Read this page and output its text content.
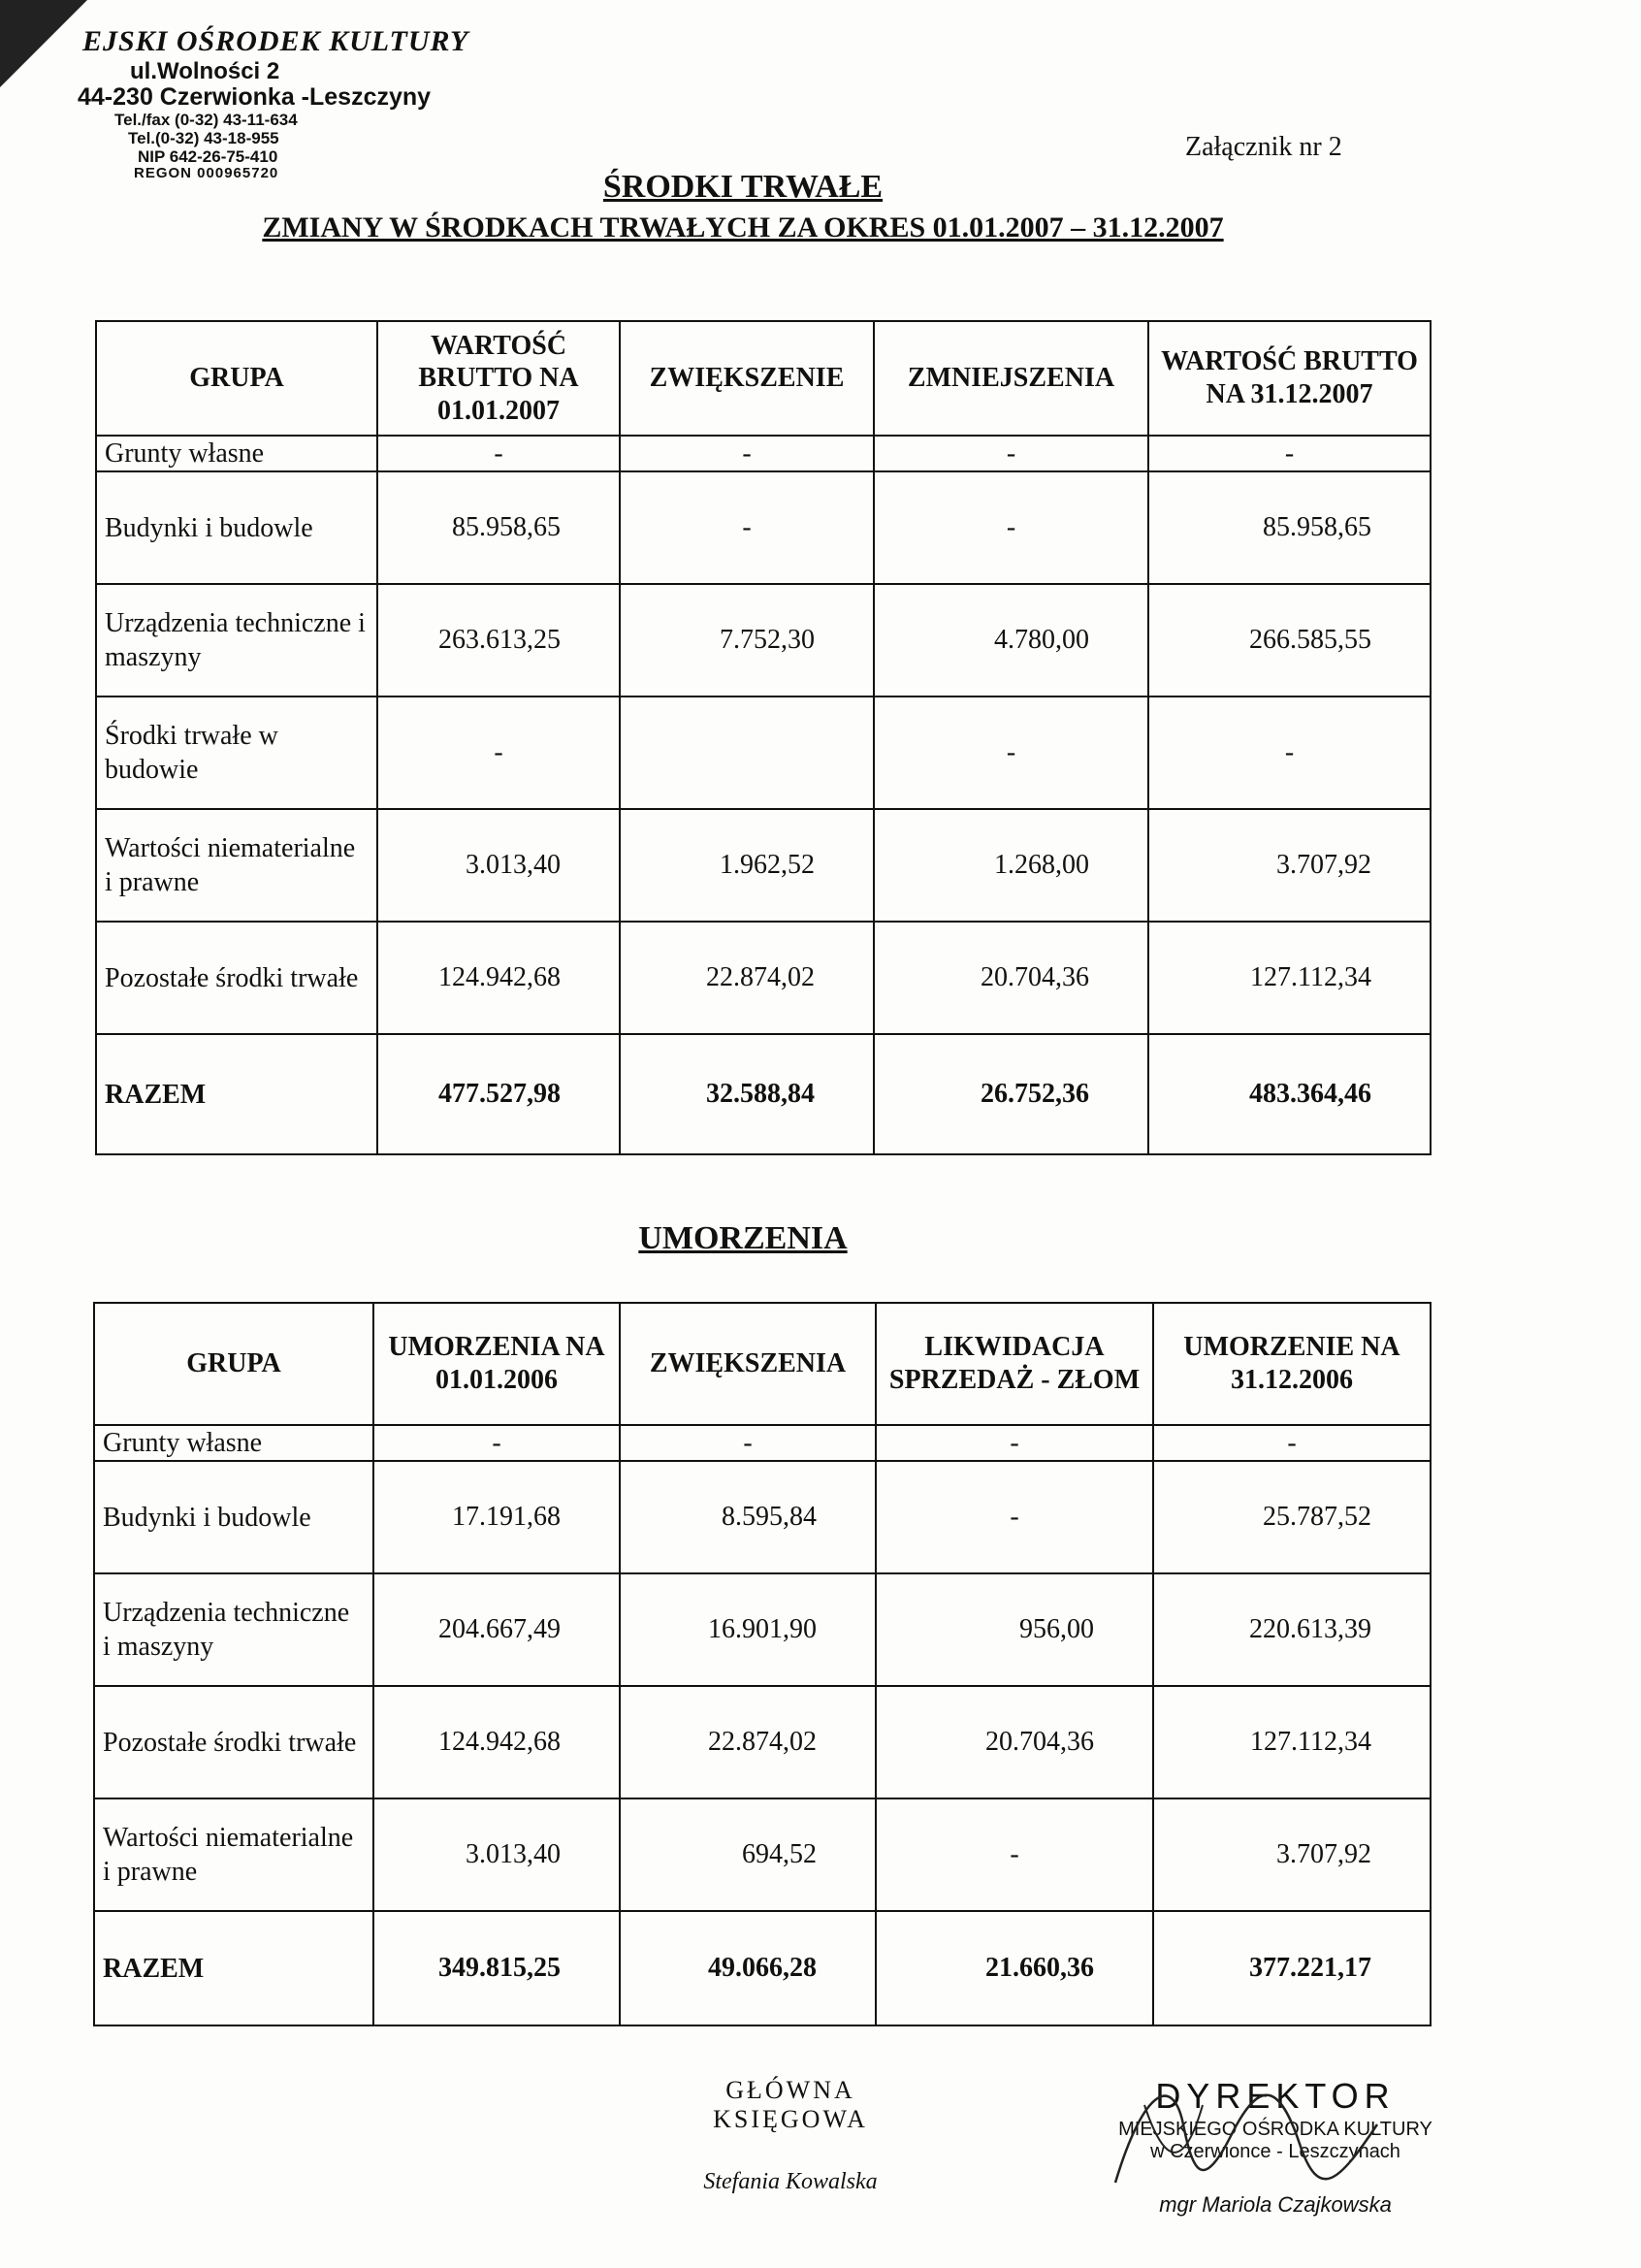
EJSKI OŚRODEK KULTURY
ul.Wolności 2
44-230 Czerwionka -Leszczyny
Tel./fax (0-32) 43-11-634
Tel.(0-32) 43-18-955
NIP 642-26-75-410
REGON 000965720
Załącznik nr 2
ŚRODKI TRWAŁE
ZMIANY W ŚRODKACH TRWAŁYCH ZA OKRES 01.01.2007 – 31.12.2007
GRUPA	WARTOŚĆ BRUTTO NA 01.01.2007	ZWIĘKSZENIE	ZMNIEJSZENIA	WARTOŚĆ BRUTTO NA 31.12.2007
Grunty własne	-	-	-	-
Budynki i budowle	85.958,65	-	-	85.958,65
Urządzenia techniczne i maszyny	263.613,25	7.752,30	4.780,00	266.585,55
Środki trwałe w budowie	-		-	-
Wartości niematerialne i prawne	3.013,40	1.962,52	1.268,00	3.707,92
Pozostałe środki trwałe	124.942,68	22.874,02	20.704,36	127.112,34
RAZEM	477.527,98	32.588,84	26.752,36	483.364,46
UMORZENIA
GRUPA	UMORZENIA NA 01.01.2006	ZWIĘKSZENIA	LIKWIDACJA SPRZEDAŻ - ZŁOM	UMORZENIE NA 31.12.2006
Grunty własne	-	-	-	-
Budynki i budowle	17.191,68	8.595,84	-	25.787,52
Urządzenia techniczne i maszyny	204.667,49	16.901,90	956,00	220.613,39
Pozostałe środki trwałe	124.942,68	22.874,02	20.704,36	127.112,34
Wartości niematerialne i prawne	3.013,40	694,52	-	3.707,92
RAZEM	349.815,25	49.066,28	21.660,36	377.221,17
GŁÓWNA KSIĘGOWA
Stefania Kowalska
DYREKTOR
MIEJSKIEGO OŚRODKA KULTURY
w Czerwionce - Leszczynach
mgr Mariola Czajkowska
